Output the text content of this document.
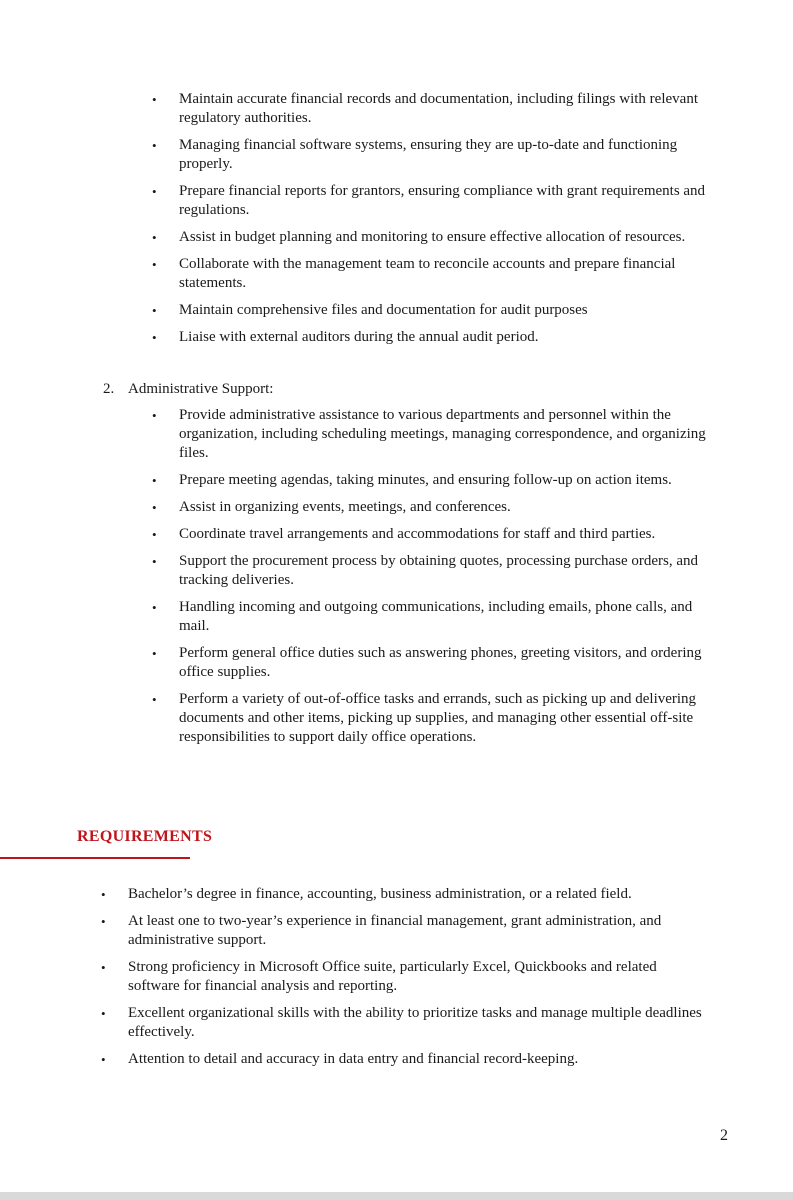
• Maintain accurate financial records and documentation, including filings with relevant regulatory authorities.
• Managing financial software systems, ensuring they are up-to-date and functioning properly.
• Prepare financial reports for grantors, ensuring compliance with grant requirements and regulations.
• Assist in budget planning and monitoring to ensure effective allocation of resources.
• Collaborate with the management team to reconcile accounts and prepare financial statements.
• Maintain comprehensive files and documentation for audit purposes
• Liaise with external auditors during the annual audit period.
2. Administrative Support:
• Provide administrative assistance to various departments and personnel within the organization, including scheduling meetings, managing correspondence, and organizing files.
• Prepare meeting agendas, taking minutes, and ensuring follow-up on action items.
• Assist in organizing events, meetings, and conferences.
• Coordinate travel arrangements and accommodations for staff and third parties.
• Support the procurement process by obtaining quotes, processing purchase orders, and tracking deliveries.
• Handling incoming and outgoing communications, including emails, phone calls, and mail.
• Perform general office duties such as answering phones, greeting visitors, and ordering office supplies.
• Perform a variety of out-of-office tasks and errands, such as picking up and delivering documents and other items, picking up supplies, and managing other essential off-site responsibilities to support daily office operations.
REQUIREMENTS
• Bachelor’s degree in finance, accounting, business administration, or a related field.
• At least one to two-year’s experience in financial management, grant administration, and administrative support.
• Strong proficiency in Microsoft Office suite, particularly Excel, Quickbooks and related software for financial analysis and reporting.
• Excellent organizational skills with the ability to prioritize tasks and manage multiple deadlines effectively.
• Attention to detail and accuracy in data entry and financial record-keeping.
2
